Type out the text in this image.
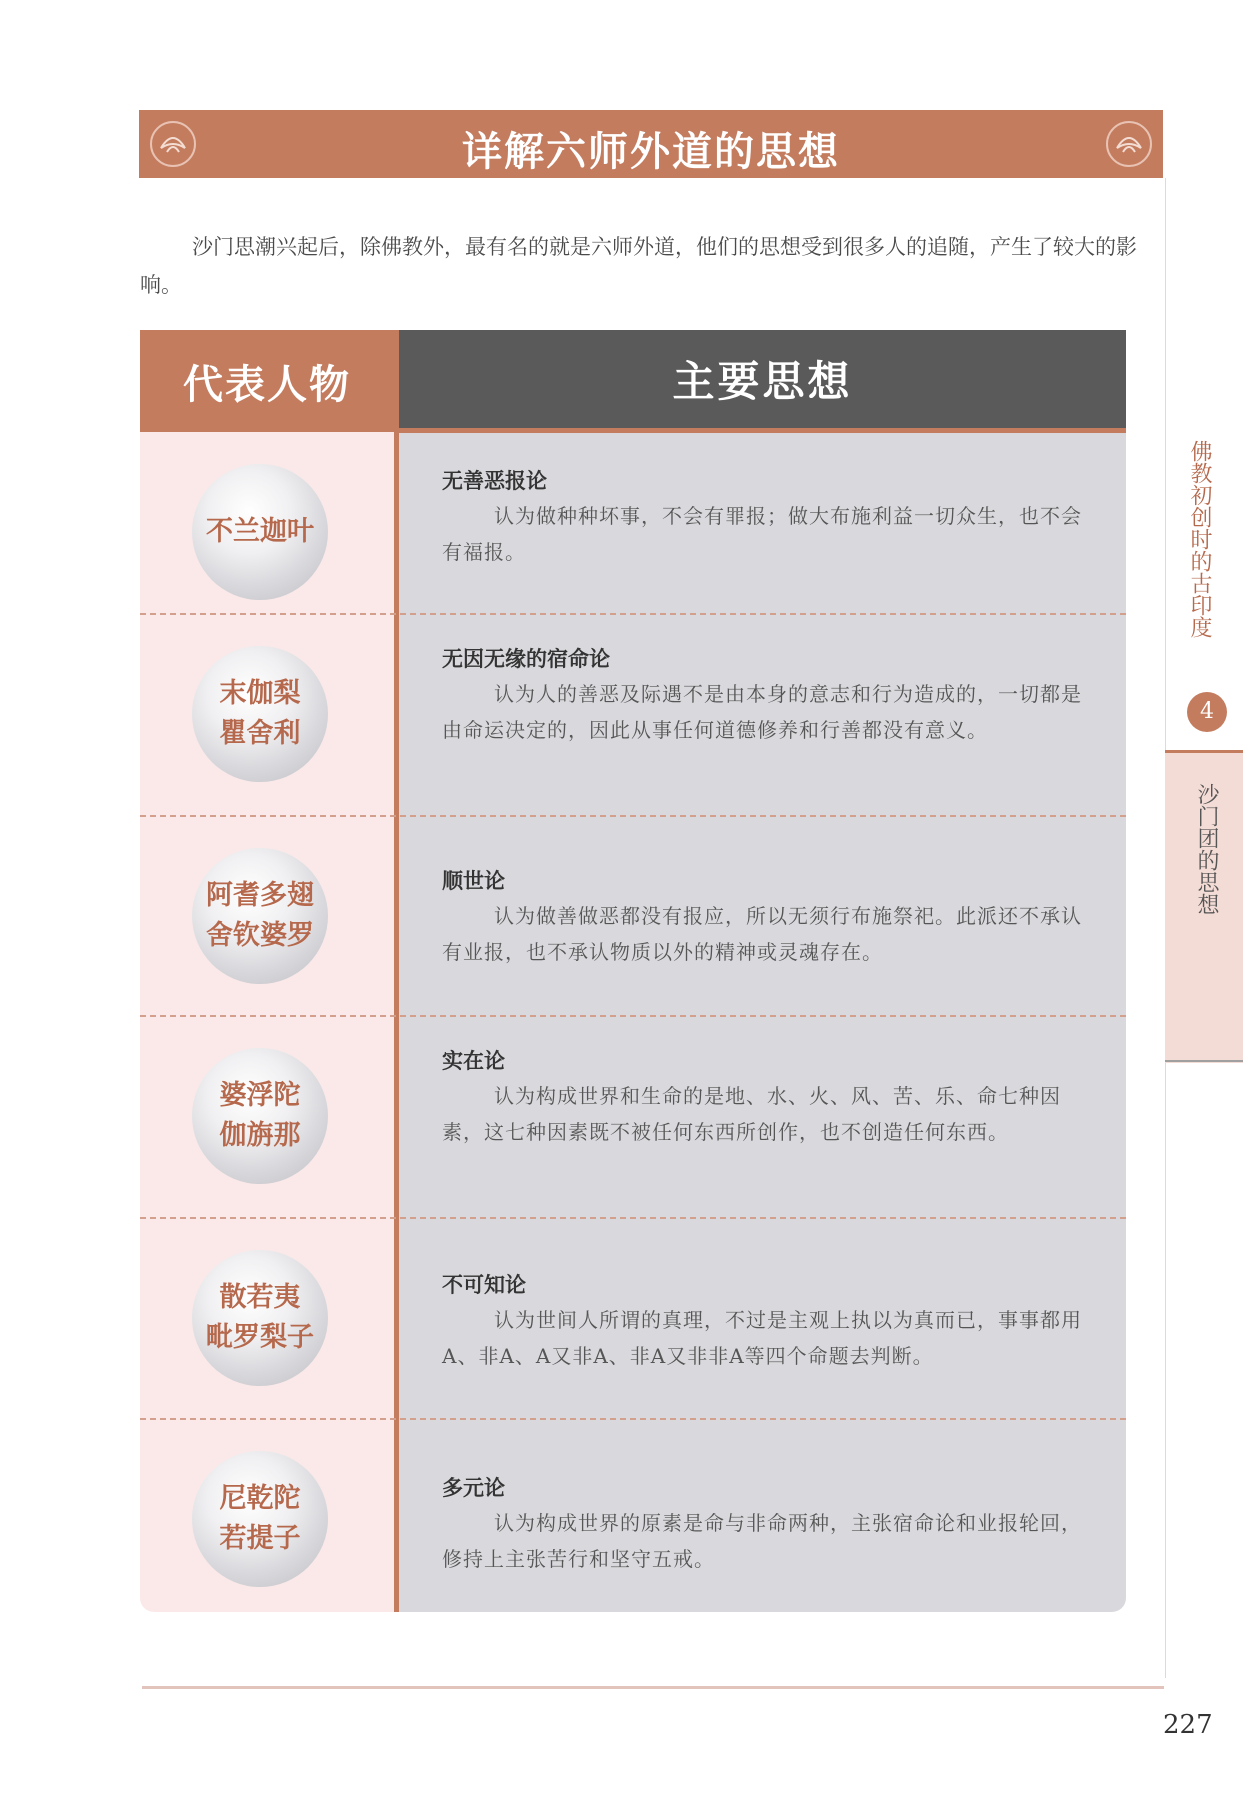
详解六师外道的思想
沙门思潮兴起后，除佛教外，最有名的就是六师外道，他们的思想受到很多人的追随，产生了较大的影响。
代表人物	主要思想
不兰迦叶
无善恶报论
认为做种种坏事，不会有罪报；做大布施利益一切众生，也不会有福报。
末伽梨
瞿舍利
无因无缘的宿命论
认为人的善恶及际遇不是由本身的意志和行为造成的，一切都是由命运决定的，因此从事任何道德修养和行善都没有意义。
阿耆多翅
舍钦婆罗
顺世论
认为做善做恶都没有报应，所以无须行布施祭祀。此派还不承认有业报，也不承认物质以外的精神或灵魂存在。
婆浮陀
伽旃那
实在论
认为构成世界和生命的是地、水、火、风、苦、乐、命七种因素，这七种因素既不被任何东西所创作，也不创造任何东西。
散若夷
毗罗梨子
不可知论
认为世间人所谓的真理，不过是主观上执以为真而已，事事都用A、非A、A又非A、非A又非非A等四个命题去判断。
尼乾陀
若提子
多元论
认为构成世界的原素是命与非命两种，主张宿命论和业报轮回，修持上主张苦行和坚守五戒。
佛教初创时的古印度
4
沙门团的思想
227
